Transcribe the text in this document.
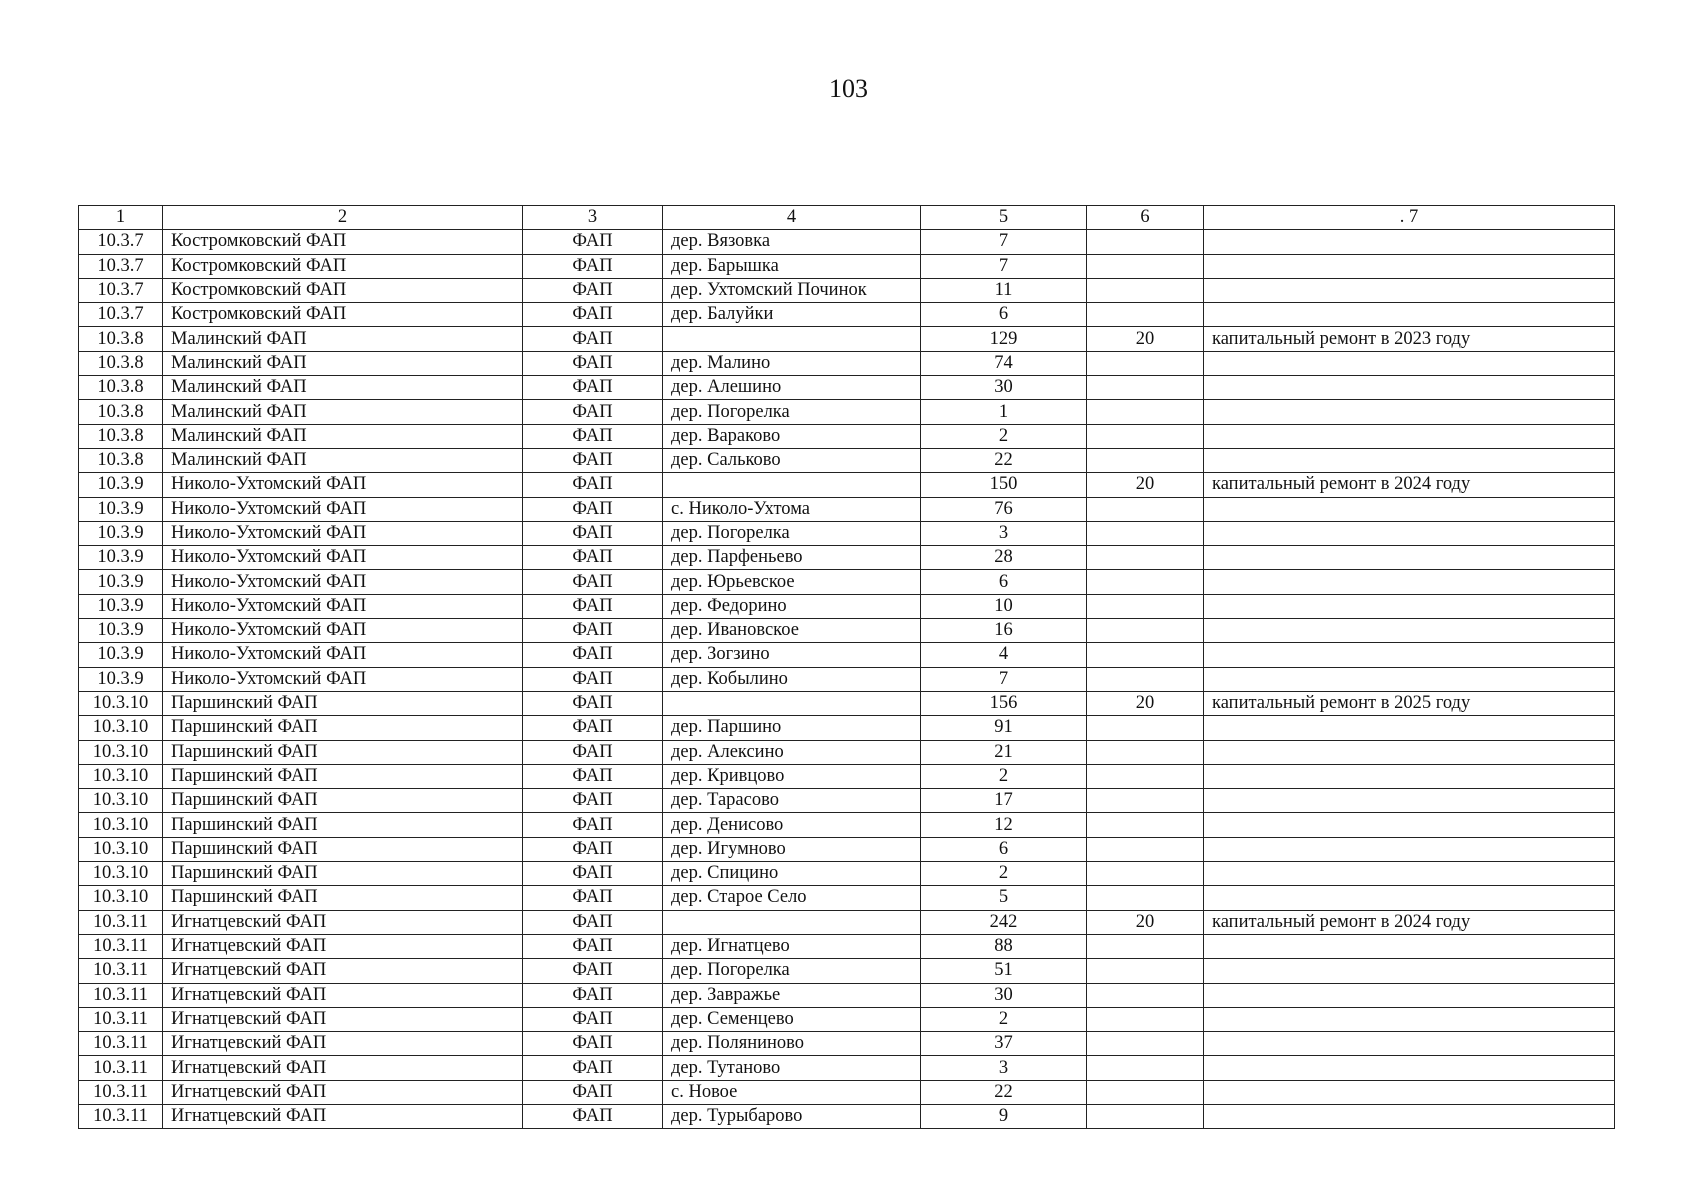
103
1	2	3	4	5	6	. 7
10.3.7	Костромковский ФАП	ФАП	дер. Вязовка	7		
10.3.7	Костромковский ФАП	ФАП	дер. Барышка	7		
10.3.7	Костромковский ФАП	ФАП	дер. Ухтомский Починок	11		
10.3.7	Костромковский ФАП	ФАП	дер. Балуйки	6		
10.3.8	Малинский ФАП	ФАП		129	20	капитальный ремонт в 2023 году
10.3.8	Малинский ФАП	ФАП	дер. Малино	74		
10.3.8	Малинский ФАП	ФАП	дер. Алешино	30		
10.3.8	Малинский ФАП	ФАП	дер. Погорелка	1		
10.3.8	Малинский ФАП	ФАП	дер. Вараково	2		
10.3.8	Малинский ФАП	ФАП	дер. Сальково	22		
10.3.9	Николо-Ухтомский ФАП	ФАП		150	20	капитальный ремонт в 2024 году
10.3.9	Николо-Ухтомский ФАП	ФАП	с. Николо-Ухтома	76		
10.3.9	Николо-Ухтомский ФАП	ФАП	дер. Погорелка	3		
10.3.9	Николо-Ухтомский ФАП	ФАП	дер. Парфеньево	28		
10.3.9	Николо-Ухтомский ФАП	ФАП	дер. Юрьевское	6		
10.3.9	Николо-Ухтомский ФАП	ФАП	дер. Федорино	10		
10.3.9	Николо-Ухтомский ФАП	ФАП	дер. Ивановское	16		
10.3.9	Николо-Ухтомский ФАП	ФАП	дер. Зогзино	4		
10.3.9	Николо-Ухтомский ФАП	ФАП	дер. Кобылино	7		
10.3.10	Паршинский ФАП	ФАП		156	20	капитальный ремонт в 2025 году
10.3.10	Паршинский ФАП	ФАП	дер. Паршино	91		
10.3.10	Паршинский ФАП	ФАП	дер. Алексино	21		
10.3.10	Паршинский ФАП	ФАП	дер. Кривцово	2		
10.3.10	Паршинский ФАП	ФАП	дер. Тарасово	17		
10.3.10	Паршинский ФАП	ФАП	дер. Денисово	12		
10.3.10	Паршинский ФАП	ФАП	дер. Игумново	6		
10.3.10	Паршинский ФАП	ФАП	дер. Спицино	2		
10.3.10	Паршинский ФАП	ФАП	дер. Старое Село	5		
10.3.11	Игнатцевский ФАП	ФАП		242	20	капитальный ремонт в 2024 году
10.3.11	Игнатцевский ФАП	ФАП	дер. Игнатцево	88		
10.3.11	Игнатцевский ФАП	ФАП	дер. Погорелка	51		
10.3.11	Игнатцевский ФАП	ФАП	дер. Завражье	30		
10.3.11	Игнатцевский ФАП	ФАП	дер. Семенцево	2		
10.3.11	Игнатцевский ФАП	ФАП	дер. Поляниново	37		
10.3.11	Игнатцевский ФАП	ФАП	дер. Тутаново	3		
10.3.11	Игнатцевский ФАП	ФАП	с. Новое	22		
10.3.11	Игнатцевский ФАП	ФАП	дер. Турыбарово	9		
